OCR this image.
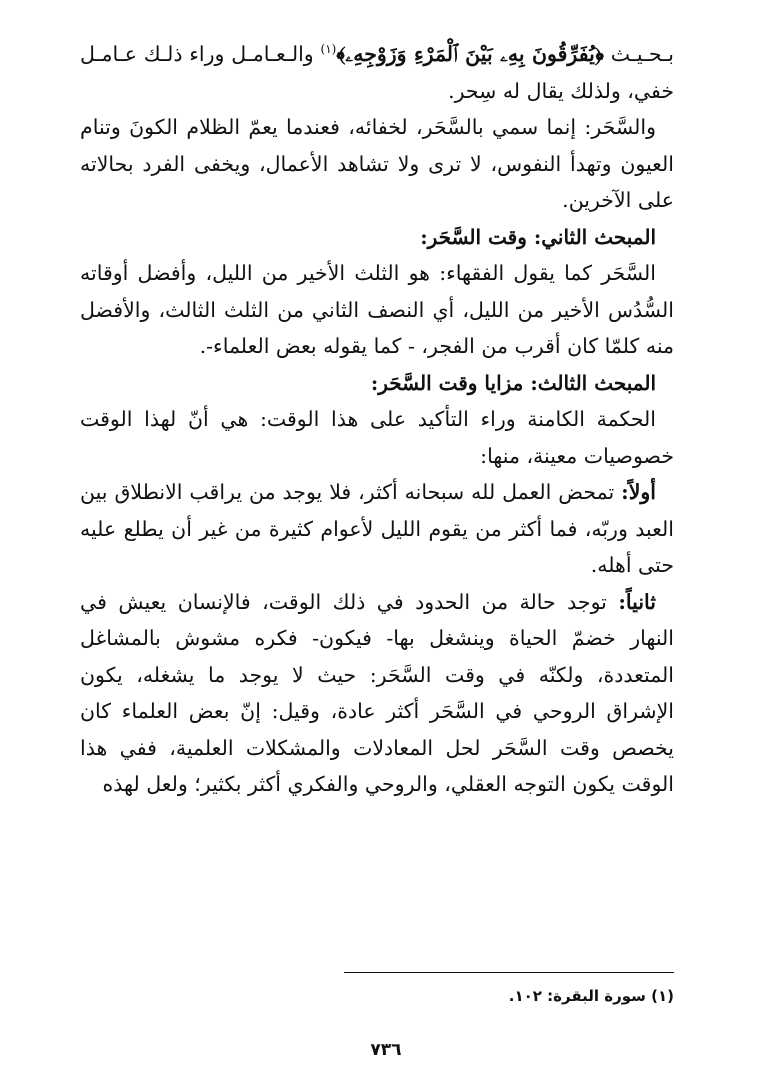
بـحـيـث ﴿يُفَرِّقُونَ بِهِۦ بَيْنَ ٱلْمَرْءِ وَزَوْجِهِۦ﴾$^{(١)}$ والـعـامـل وراء ذلـك عـامـل خفي، ولذلك يقال له سِحر.

والسَّحَر: إنما سمي بالسَّحَر، لخفائه، فعندما يعمّ الظلام الكونَ وتنام العيون وتهدأ النفوس، لا ترى ولا تشاهد الأعمال، ويخفى الفرد بحالاته على الآخرين.

المبحث الثاني: وقت السَّحَر:

السَّحَر كما يقول الفقهاء: هو الثلث الأخير من الليل، وأفضل أوقاته السُّدُس الأخير من الليل، أي النصف الثاني من الثلث الثالث، والأفضل منه كلمّا كان أقرب من الفجر، - كما يقوله بعض العلماء-.

المبحث الثالث: مزايا وقت السَّحَر:

الحكمة الكامنة وراء التأكيد على هذا الوقت: هي أنّ لهذا الوقت خصوصيات معينة، منها:

أولاً: تمحض العمل لله سبحانه أكثر، فلا يوجد من يراقب الانطلاق بين العبد وربّه، فما أكثر من يقوم الليل لأعوام كثيرة من غير أن يطلع عليه حتى أهله.

ثانياً: توجد حالة من الحدود في ذلك الوقت، فالإنسان يعيش في النهار خضمّ الحياة وينشغل بها- فيكون- فكره مشوش بالمشاغل المتعددة، ولكنّه في وقت السَّحَر: حيث لا يوجد ما يشغله، يكون الإشراق الروحي في السَّحَر أكثر عادة، وقيل: إنّ بعض العلماء كان يخصص وقت السَّحَر لحل المعادلات والمشكلات العلمية، ففي هذا الوقت يكون التوجه العقلي، والروحي والفكري أكثر بكثير؛ ولعل لهذه

(١) سورة البقرة: ١٠٢.
٧٣٦
